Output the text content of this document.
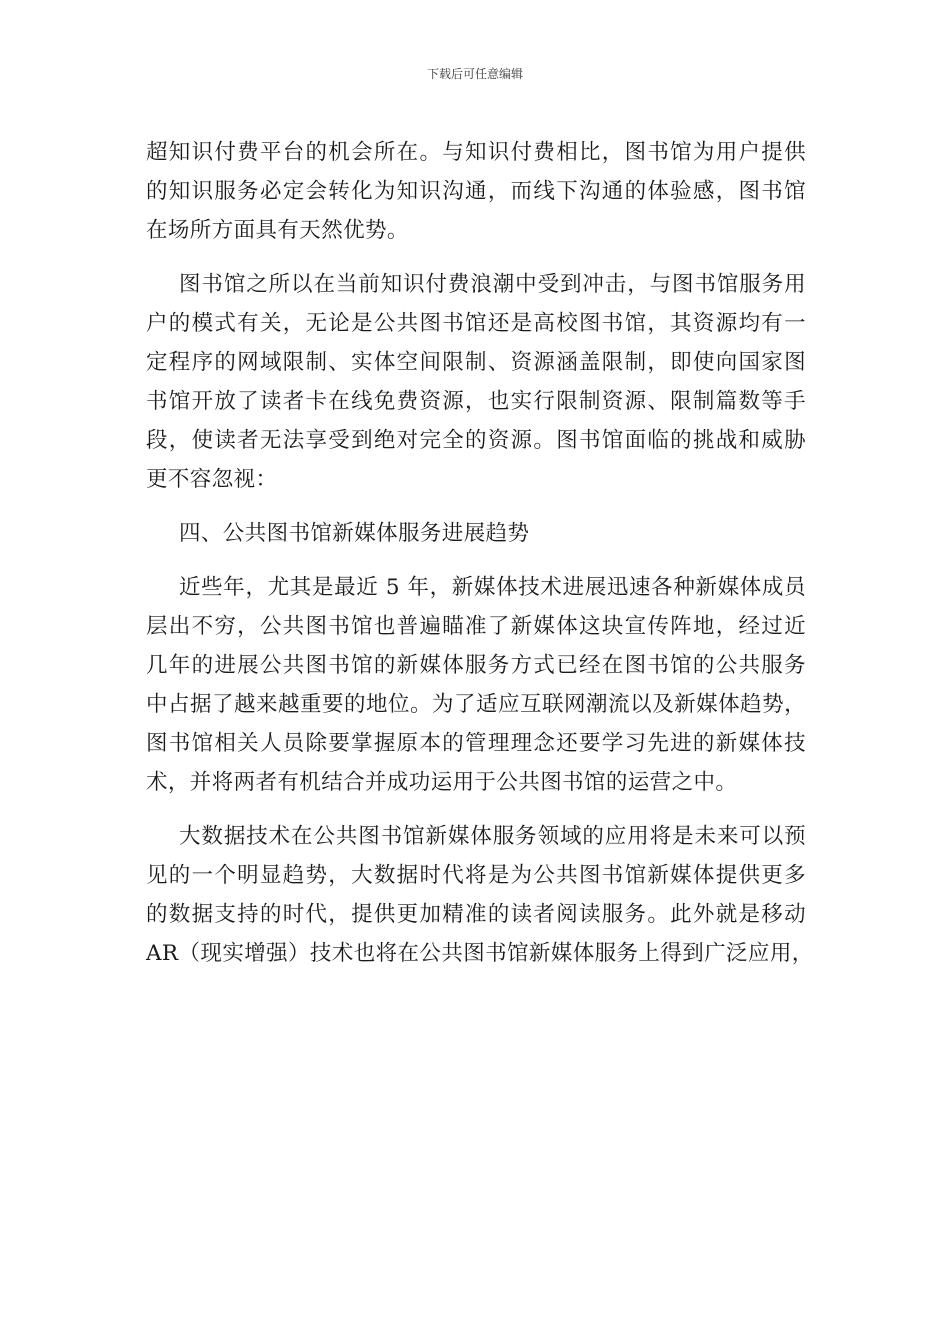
下载后可任意编辑
超知识付费平台的机会所在。与知识付费相比，图书馆为用户提供
的知识服务必定会转化为知识沟通，而线下沟通的体验感，图书馆
在场所方面具有天然优势。
图书馆之所以在当前知识付费浪潮中受到冲击，与图书馆服务用
户的模式有关，无论是公共图书馆还是高校图书馆，其资源均有一
定程序的网域限制、实体空间限制、资源涵盖限制，即使向国家图
书馆开放了读者卡在线免费资源，也实行限制资源、限制篇数等手
段，使读者无法享受到绝对完全的资源。图书馆面临的挑战和威胁
更不容忽视：
四、公共图书馆新媒体服务进展趋势
近些年，尤其是最近 5 年，新媒体技术进展迅速各种新媒体成员
层出不穷，公共图书馆也普遍瞄准了新媒体这块宣传阵地，经过近
几年的进展公共图书馆的新媒体服务方式已经在图书馆的公共服务
中占据了越来越重要的地位。为了适应互联网潮流以及新媒体趋势，
图书馆相关人员除要掌握原本的管理理念还要学习先进的新媒体技
术，并将两者有机结合并成功运用于公共图书馆的运营之中。
大数据技术在公共图书馆新媒体服务领域的应用将是未来可以预
见的一个明显趋势，大数据时代将是为公共图书馆新媒体提供更多
的数据支持的时代，提供更加精准的读者阅读服务。此外就是移动
AR（现实增强）技术也将在公共图书馆新媒体服务上得到广泛应用，
